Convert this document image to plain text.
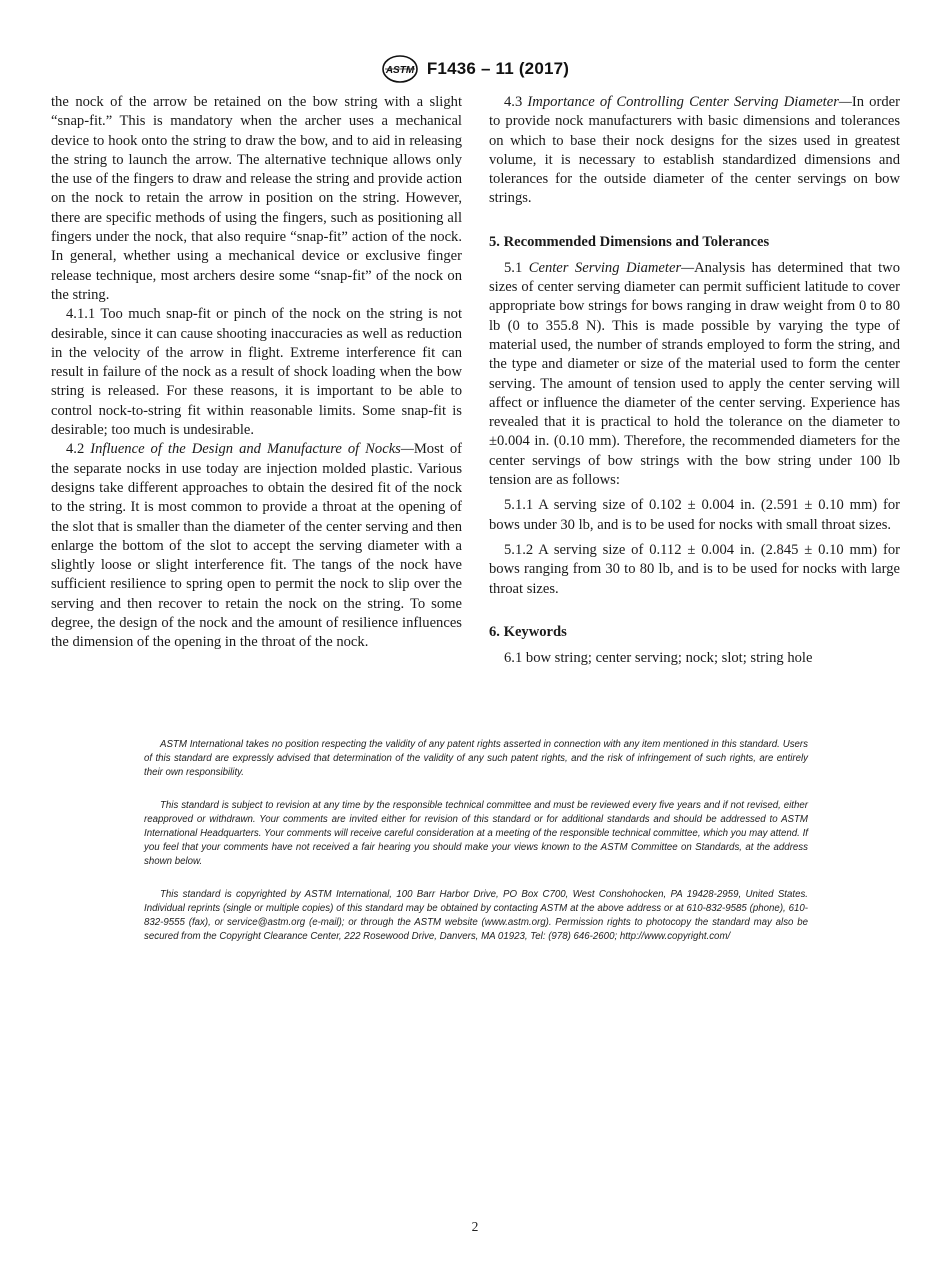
ASTM F1436 – 11 (2017)

the nock of the arrow be retained on the bow string with a slight “snap-fit.” This is mandatory when the archer uses a mechanical device to hook onto the string to draw the bow, and to aid in releasing the string to launch the arrow. The alternative technique allows only the use of the fingers to draw and release the string and provide action on the nock to retain the arrow in position on the string. However, there are specific methods of using the fingers, such as positioning all fingers under the nock, that also require “snap-fit” action of the nock. In general, whether using a mechanical device or exclusive finger release technique, most archers desire some “snap-fit” of the nock on the string.

4.1.1 Too much snap-fit or pinch of the nock on the string is not desirable, since it can cause shooting inaccuracies as well as reduction in the velocity of the arrow in flight. Extreme interference fit can result in failure of the nock as a result of shock loading when the bow string is released. For these reasons, it is important to be able to control nock-to-string fit within reasonable limits. Some snap-fit is desirable; too much is undesirable.

4.2 Influence of the Design and Manufacture of Nocks—Most of the separate nocks in use today are injection molded plastic. Various designs take different approaches to obtain the desired fit of the nock to the string. It is most common to provide a throat at the opening of the slot that is smaller than the diameter of the center serving and then enlarge the bottom of the slot to accept the serving diameter with a slightly loose or slight interference fit. The tangs of the nock have sufficient resilience to spring open to permit the nock to slip over the serving and then recover to retain the nock on the string. To some degree, the design of the nock and the amount of resilience influences the dimension of the opening in the throat of the nock.

4.3 Importance of Controlling Center Serving Diameter—In order to provide nock manufacturers with basic dimensions and tolerances on which to base their nock designs for the sizes used in greatest volume, it is necessary to establish standardized dimensions and tolerances for the outside diameter of the center servings on bow strings.

5. Recommended Dimensions and Tolerances

5.1 Center Serving Diameter—Analysis has determined that two sizes of center serving diameter can permit sufficient latitude to cover appropriate bow strings for bows ranging in draw weight from 0 to 80 lb (0 to 355.8 N). This is made possible by varying the type of material used, the number of strands employed to form the string, and the type and diameter or size of the material used to form the center serving. The amount of tension used to apply the center serving will affect or influence the diameter of the center serving. Experience has revealed that it is practical to hold the tolerance on the diameter to ±0.004 in. (0.10 mm). Therefore, the recommended diameters for the center servings of bow strings with the bow string under 100 lb tension are as follows:

5.1.1 A serving size of 0.102 ± 0.004 in. (2.591 ± 0.10 mm) for bows under 30 lb, and is to be used for nocks with small throat sizes.

5.1.2 A serving size of 0.112 ± 0.004 in. (2.845 ± 0.10 mm) for bows ranging from 30 to 80 lb, and is to be used for nocks with large throat sizes.

6. Keywords

6.1 bow string; center serving; nock; slot; string hole

ASTM International takes no position respecting the validity of any patent rights asserted in connection with any item mentioned in this standard. Users of this standard are expressly advised that determination of the validity of any such patent rights, and the risk of infringement of such rights, are entirely their own responsibility.

This standard is subject to revision at any time by the responsible technical committee and must be reviewed every five years and if not revised, either reapproved or withdrawn. Your comments are invited either for revision of this standard or for additional standards and should be addressed to ASTM International Headquarters. Your comments will receive careful consideration at a meeting of the responsible technical committee, which you may attend. If you feel that your comments have not received a fair hearing you should make your views known to the ASTM Committee on Standards, at the address shown below.

This standard is copyrighted by ASTM International, 100 Barr Harbor Drive, PO Box C700, West Conshohocken, PA 19428-2959, United States. Individual reprints (single or multiple copies) of this standard may be obtained by contacting ASTM at the above address or at 610-832-9585 (phone), 610-832-9555 (fax), or service@astm.org (e-mail); or through the ASTM website (www.astm.org). Permission rights to photocopy the standard may also be secured from the Copyright Clearance Center, 222 Rosewood Drive, Danvers, MA 01923, Tel: (978) 646-2600; http://www.copyright.com/

2
